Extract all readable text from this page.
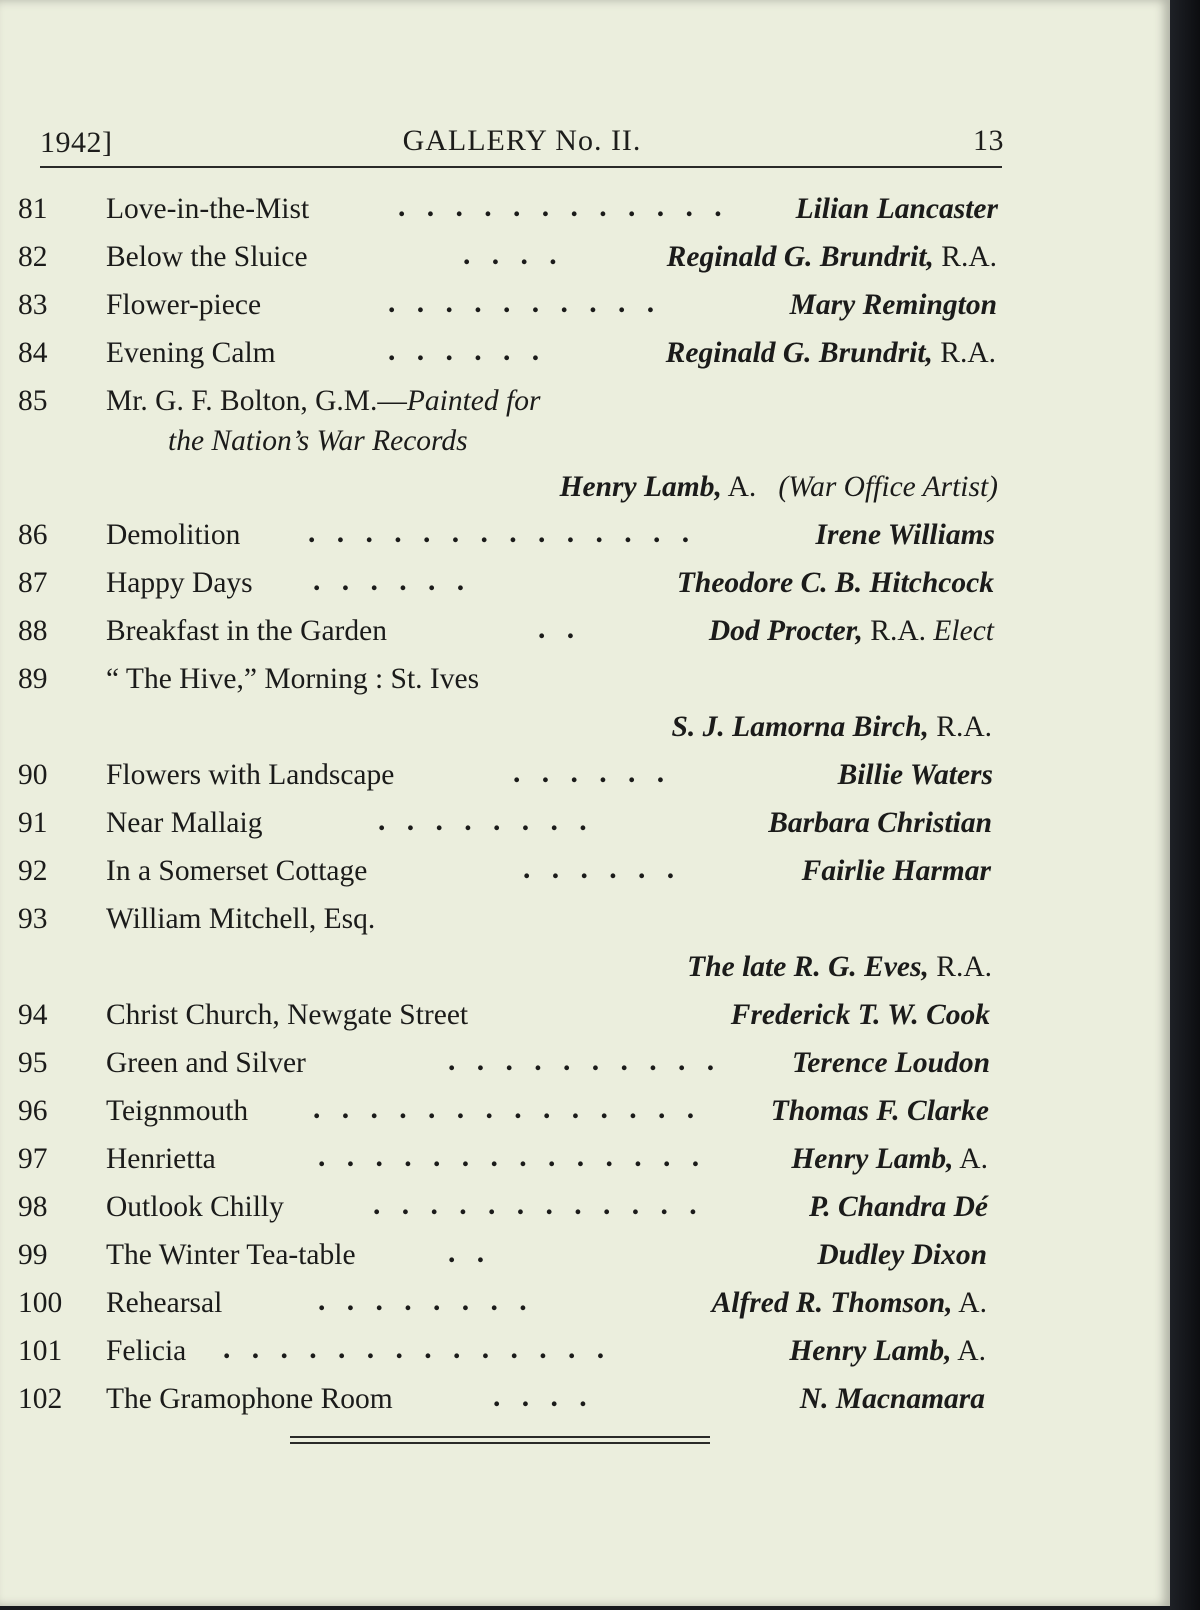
1942]	GALLERY No. II.	13
81	Love-in-the-Mist	. . . . . . . . . . . . Lilian Lancaster
82	Below the Sluice	. . . .	Reginald G. Brundrit, R.A.
83	Flower-piece	. . . . . . . . . .	Mary Remington
84	Evening Calm	. . . . . .	Reginald G. Brundrit, R.A.
85	Mr. G. F. Bolton, G.M.—Painted for
the Nation’s War Records
Henry Lamb, A. (War Office Artist)
86	Demolition . . . . . . . . . . . . . .	Irene Williams
87	Happy Days . . . . . .	Theodore C. B. Hitchcock
88	Breakfast in the Garden	. .	Dod Procter, R.A. Elect
89	“ The Hive,” Morning : St. Ives
S. J. Lamorna Birch, R.A.
90	Flowers with Landscape	. . . . . .	Billie Waters
91	Near Mallaig	. . . . . . . .	Barbara Christian
92	In a Somerset Cottage	. . . . . .	Fairlie Harmar
93	William Mitchell, Esq.
The late R. G. Eves, R.A.
94	Christ Church, Newgate Street	Frederick T. W. Cook
95	Green and Silver	. . . . . . . . . . Terence Loudon
96	Teignmouth . . . . . . . . . . . . . . Thomas F. Clarke
97	Henrietta	. . . . . . . . . . . . . .	Henry Lamb, A.
98	Outlook Chilly	. . . . . . . . . . . .	P. Chandra Dé
99	The Winter Tea-table	. .	Dudley Dixon
100	Rehearsal	. . . . . . . .	Alfred R. Thomson, A.
101	Felicia . . . . . . . . . . . . . .	Henry Lamb, A.
102	The Gramophone Room	. . . .	N. Macnamara
